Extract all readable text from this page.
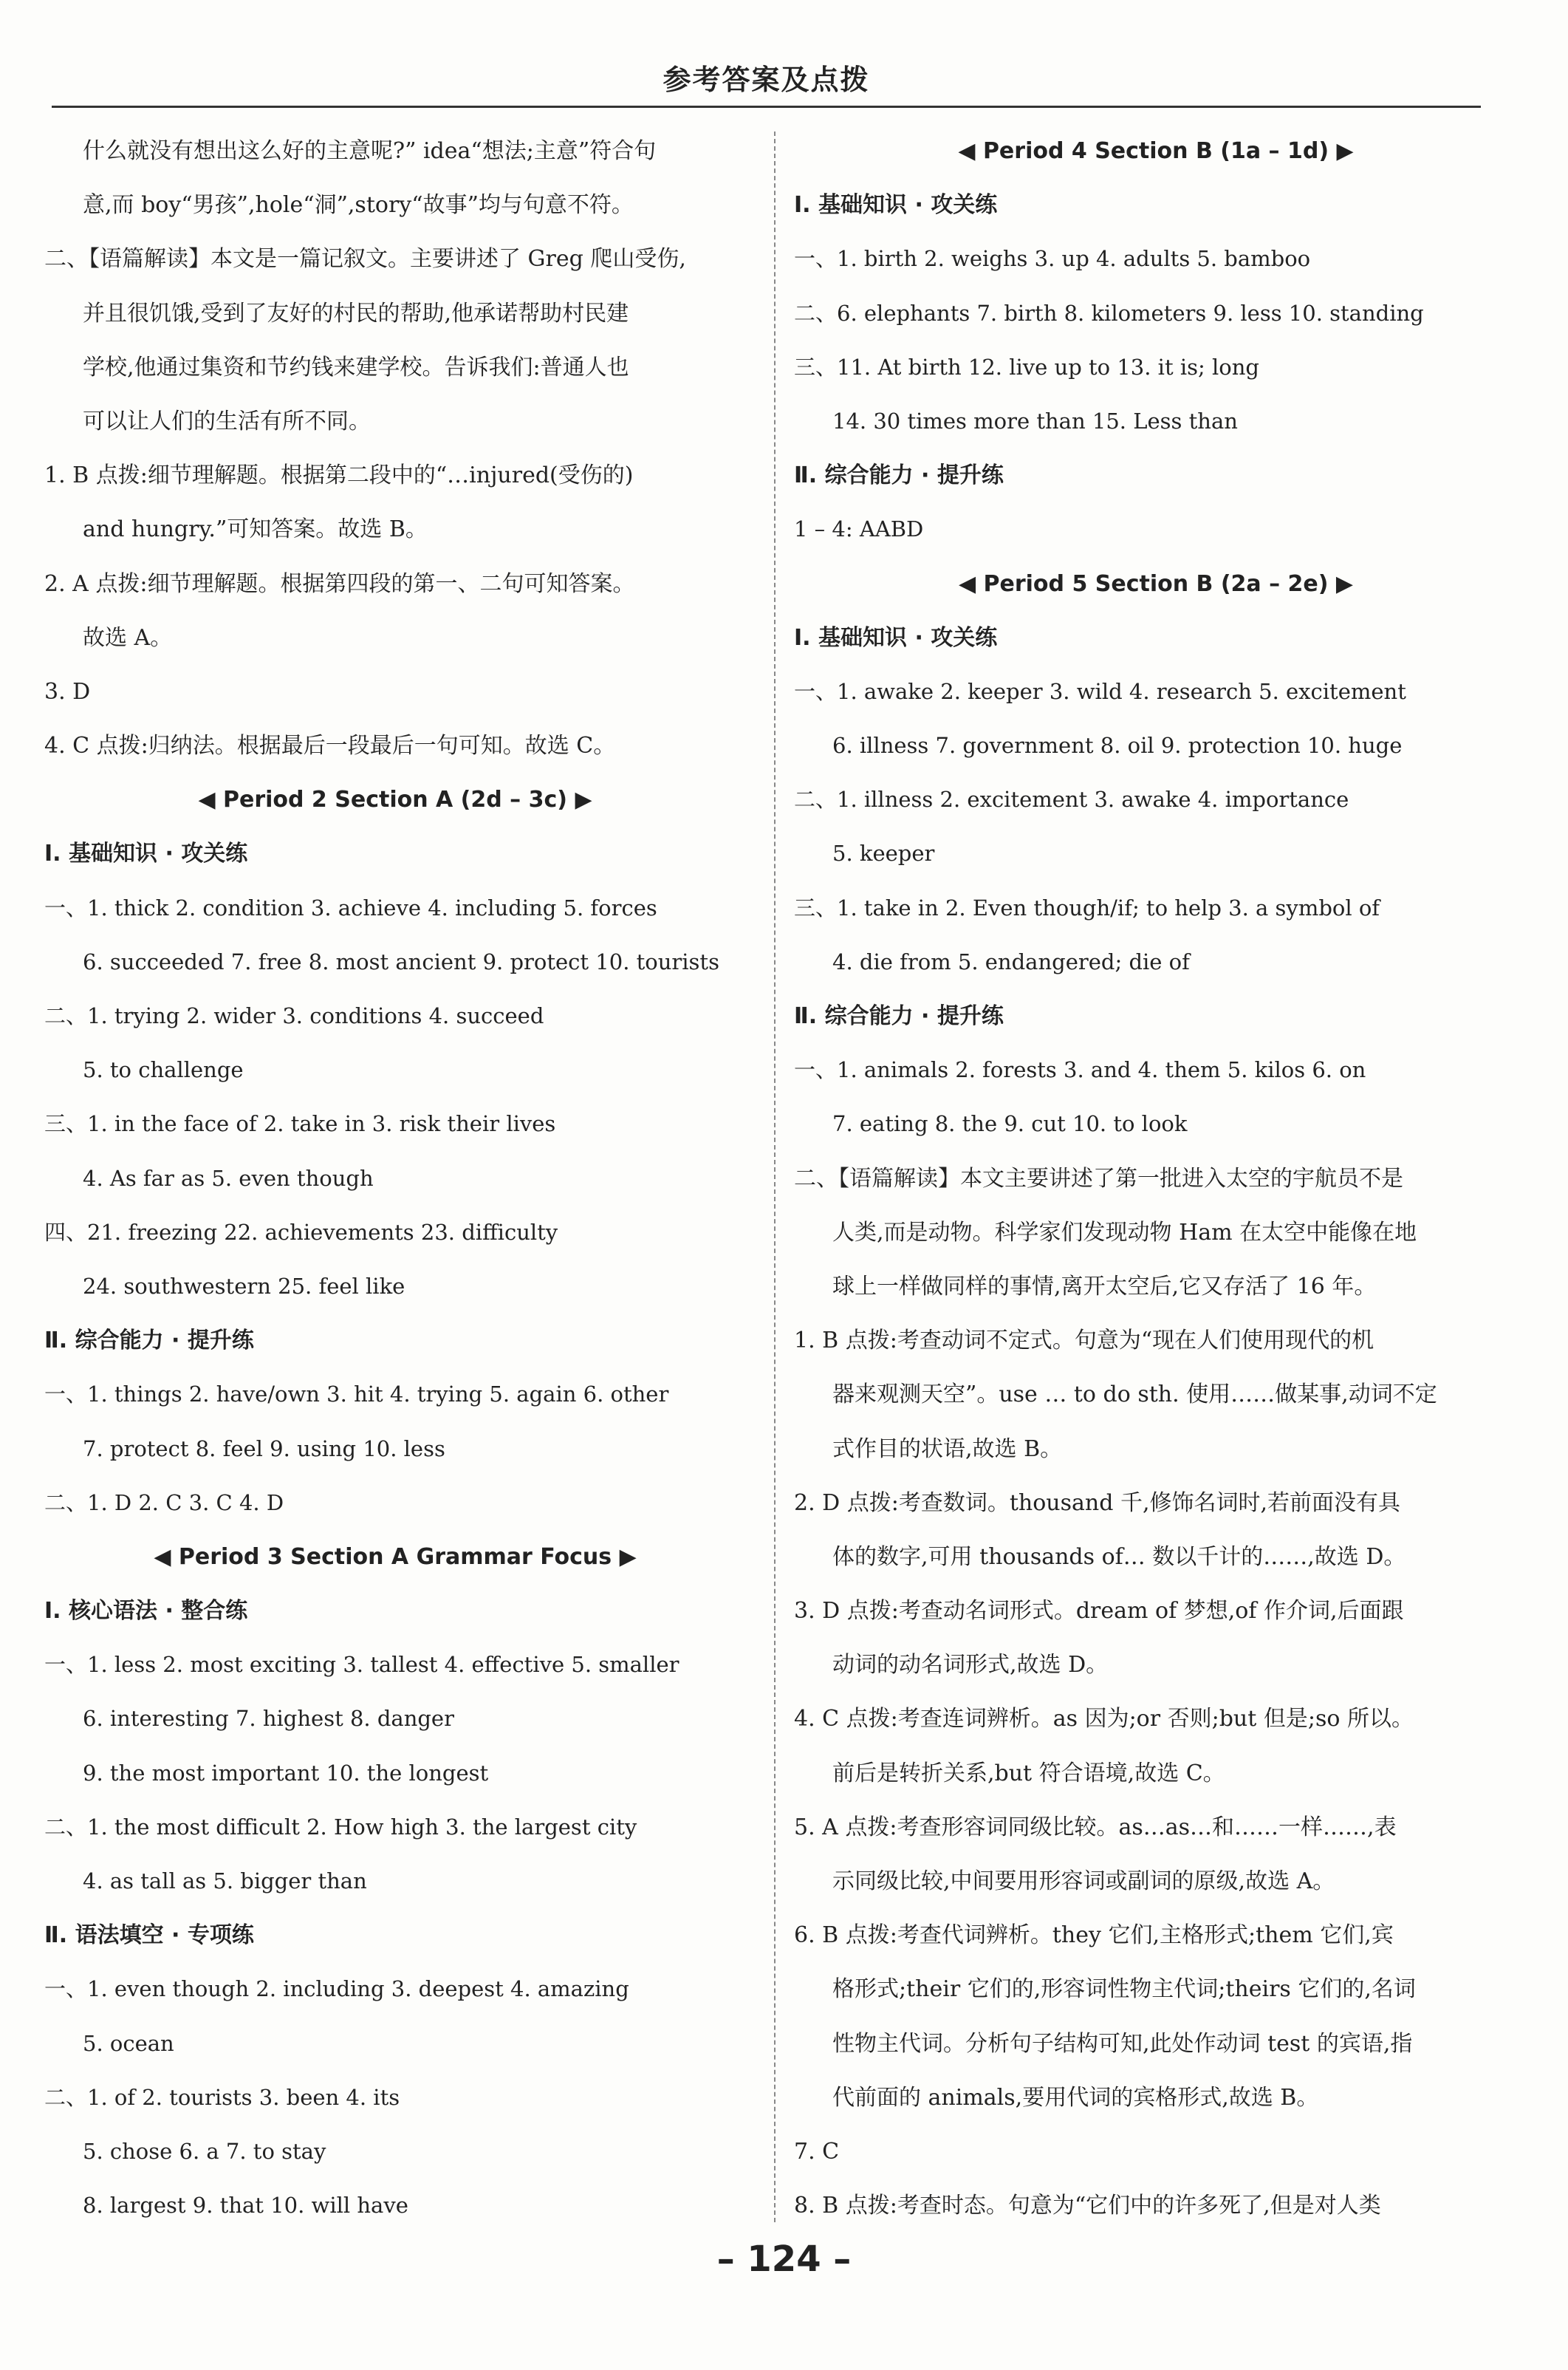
参考答案及点拨
什么就没有想出这么好的主意呢?” idea“想法;主意”符合句
意,而 boy“男孩”,hole“洞”,story“故事”均与句意不符。
二、【语篇解读】本文是一篇记叙文。主要讲述了 Greg 爬山受伤,
并且很饥饿,受到了友好的村民的帮助,他承诺帮助村民建
学校,他通过集资和节约钱来建学校。告诉我们:普通人也
可以让人们的生活有所不同。
1. B 点拨:细节理解题。根据第二段中的“…injured(受伤的)
and hungry.”可知答案。故选 B。
2. A 点拨:细节理解题。根据第四段的第一、二句可知答案。
故选 A。
3. D
4. C 点拨:归纳法。根据最后一段最后一句可知。故选 C。
◀ Period 2 Section A (2d – 3c) ▶
Ⅰ. 基础知识 · 攻关练
一、1. thick 2. condition 3. achieve 4. including 5. forces
6. succeeded 7. free 8. most ancient 9. protect 10. tourists
二、1. trying 2. wider 3. conditions 4. succeed
5. to challenge
三、1. in the face of 2. take in 3. risk their lives
4. As far as 5. even though
四、21. freezing 22. achievements 23. difficulty
24. southwestern 25. feel like
Ⅱ. 综合能力 · 提升练
一、1. things 2. have/own 3. hit 4. trying 5. again 6. other
7. protect 8. feel 9. using 10. less
二、1. D 2. C 3. C 4. D
◀ Period 3 Section A Grammar Focus ▶
Ⅰ. 核心语法 · 整合练
一、1. less 2. most exciting 3. tallest 4. effective 5. smaller
6. interesting 7. highest 8. danger
9. the most important 10. the longest
二、1. the most difficult 2. How high 3. the largest city
4. as tall as 5. bigger than
Ⅱ. 语法填空 · 专项练
一、1. even though 2. including 3. deepest 4. amazing
5. ocean
二、1. of 2. tourists 3. been 4. its
5. chose 6. a 7. to stay
8. largest 9. that 10. will have
◀ Period 4 Section B (1a – 1d) ▶
Ⅰ. 基础知识 · 攻关练
一、1. birth 2. weighs 3. up 4. adults 5. bamboo
二、6. elephants 7. birth 8. kilometers 9. less 10. standing
三、11. At birth 12. live up to 13. it is; long
14. 30 times more than 15. Less than
Ⅱ. 综合能力 · 提升练
1 – 4: AABD
◀ Period 5 Section B (2a – 2e) ▶
Ⅰ. 基础知识 · 攻关练
一、1. awake 2. keeper 3. wild 4. research 5. excitement
6. illness 7. government 8. oil 9. protection 10. huge
二、1. illness 2. excitement 3. awake 4. importance
5. keeper
三、1. take in 2. Even though/if; to help 3. a symbol of
4. die from 5. endangered; die of
Ⅱ. 综合能力 · 提升练
一、1. animals 2. forests 3. and 4. them 5. kilos 6. on
7. eating 8. the 9. cut 10. to look
二、【语篇解读】本文主要讲述了第一批进入太空的宇航员不是
人类,而是动物。科学家们发现动物 Ham 在太空中能像在地
球上一样做同样的事情,离开太空后,它又存活了 16 年。
1. B 点拨:考查动词不定式。句意为“现在人们使用现代的机
器来观测天空”。use … to do sth. 使用……做某事,动词不定
式作目的状语,故选 B。
2. D 点拨:考查数词。thousand 千,修饰名词时,若前面没有具
体的数字,可用 thousands of… 数以千计的……,故选 D。
3. D 点拨:考查动名词形式。dream of 梦想,of 作介词,后面跟
动词的动名词形式,故选 D。
4. C 点拨:考查连词辨析。as 因为;or 否则;but 但是;so 所以。
前后是转折关系,but 符合语境,故选 C。
5. A 点拨:考查形容词同级比较。as…as…和……一样……,表
示同级比较,中间要用形容词或副词的原级,故选 A。
6. B 点拨:考查代词辨析。they 它们,主格形式;them 它们,宾
格形式;their 它们的,形容词性物主代词;theirs 它们的,名词
性物主代词。分析句子结构可知,此处作动词 test 的宾语,指
代前面的 animals,要用代词的宾格形式,故选 B。
7. C
8. B 点拨:考查时态。句意为“它们中的许多死了,但是对人类
– 124 –
